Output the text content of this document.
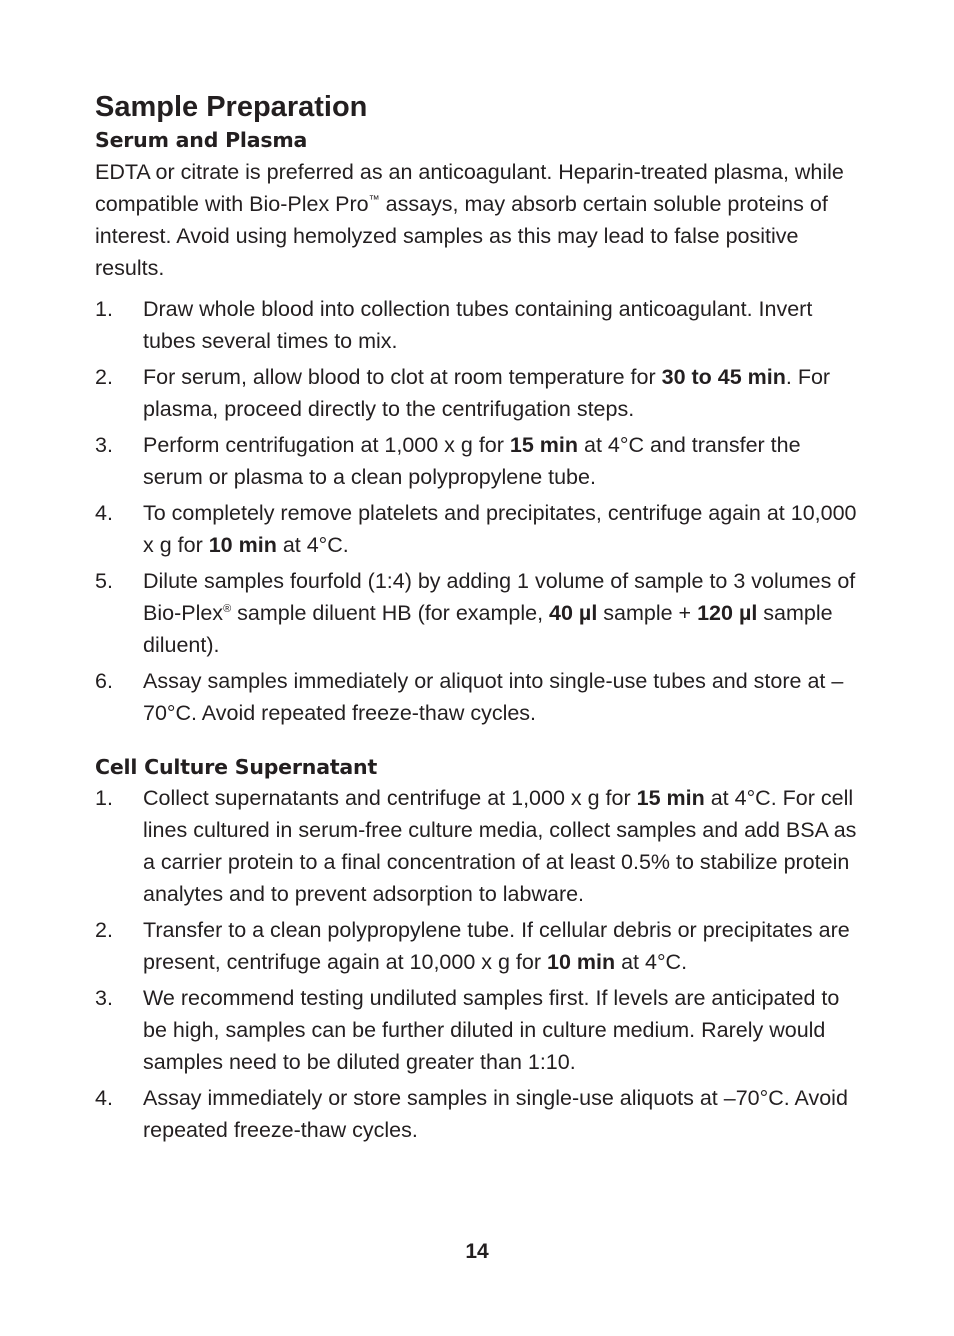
Sample Preparation
Serum and Plasma

EDTA or citrate is preferred as an anticoagulant. Heparin-treated plasma, while compatible with Bio-Plex Pro™ assays, may absorb certain soluble proteins of interest. Avoid using hemolyzed samples as this may lead to false positive results.

1. Draw whole blood into collection tubes containing anticoagulant. Invert tubes several times to mix.
2. For serum, allow blood to clot at room temperature for 30 to 45 min. For plasma, proceed directly to the centrifugation steps.
3. Perform centrifugation at 1,000 x g for 15 min at 4°C and transfer the serum or plasma to a clean polypropylene tube.
4. To completely remove platelets and precipitates, centrifuge again at 10,000 x g for 10 min at 4°C.
5. Dilute samples fourfold (1:4) by adding 1 volume of sample to 3 volumes of Bio-Plex® sample diluent HB (for example, 40 µl sample + 120 µl sample diluent).
6. Assay samples immediately or aliquot into single-use tubes and store at –70°C. Avoid repeated freeze-thaw cycles.
Cell Culture Supernatant
1. Collect supernatants and centrifuge at 1,000 x g for 15 min at 4°C. For cell lines cultured in serum-free culture media, collect samples and add BSA as a carrier protein to a final concentration of at least 0.5% to stabilize protein analytes and to prevent adsorption to labware.
2. Transfer to a clean polypropylene tube. If cellular debris or precipitates are present, centrifuge again at 10,000 x g for 10 min at 4°C.
3. We recommend testing undiluted samples first. If levels are anticipated to be high, samples can be further diluted in culture medium. Rarely would samples need to be diluted greater than 1:10.
4. Assay immediately or store samples in single-use aliquots at –70°C. Avoid repeated freeze-thaw cycles.
14
